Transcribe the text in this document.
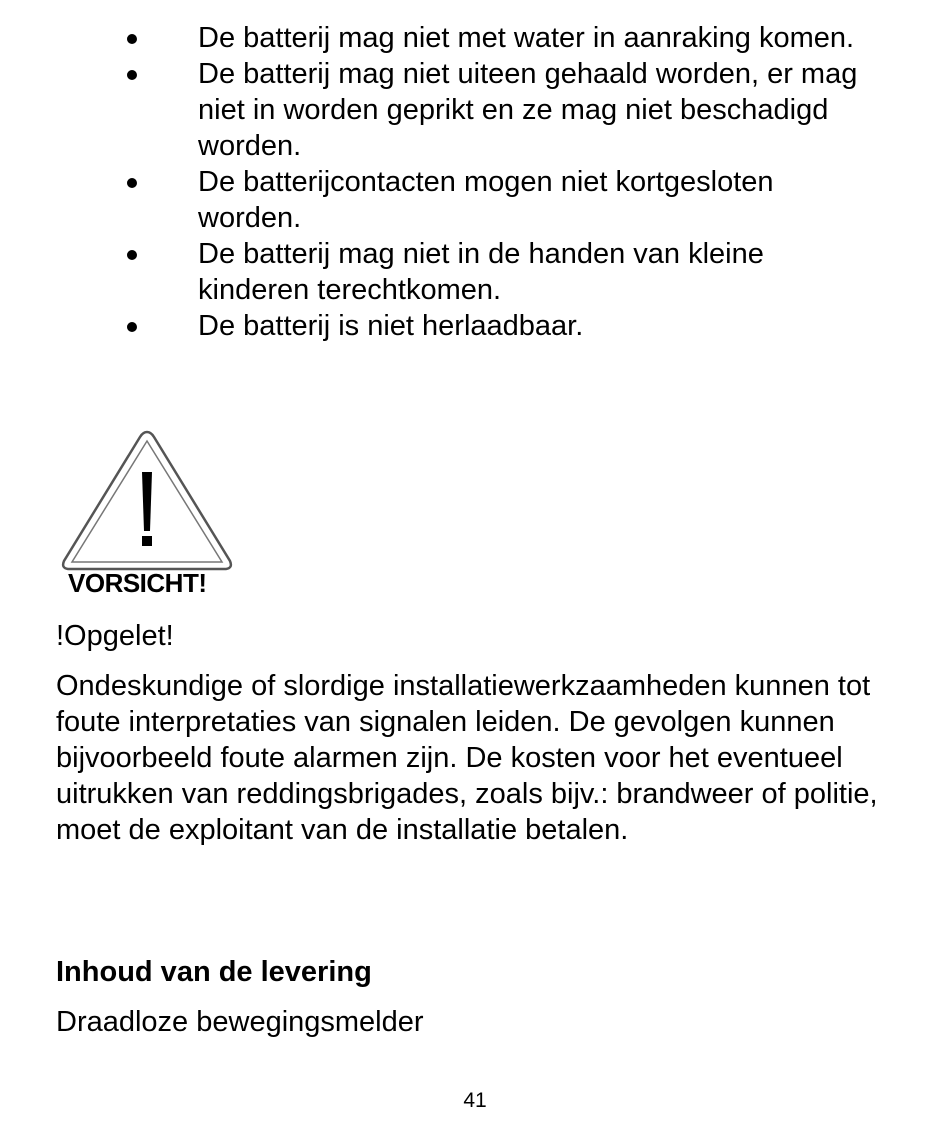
De batterij mag niet met water in aanraking komen.
De batterij mag niet uiteen gehaald worden, er mag niet in worden geprikt en ze mag niet beschadigd worden.
De batterijcontacten mogen niet kortgesloten worden.
De batterij mag niet in de handen van kleine kinderen terechtkomen.
De batterij is niet herlaadbaar.
VORSICHT!
!Opgelet!

Ondeskundige of slordige installatiewerkzaamheden kunnen tot foute interpretaties van signalen leiden. De gevolgen kunnen bijvoorbeeld foute alarmen zijn. De kosten voor het eventueel uitrukken van reddingsbrigades, zoals bijv.: brandweer of politie, moet de exploitant van de installatie betalen.

Inhoud van de levering

Draadloze bewegingsmelder

41
